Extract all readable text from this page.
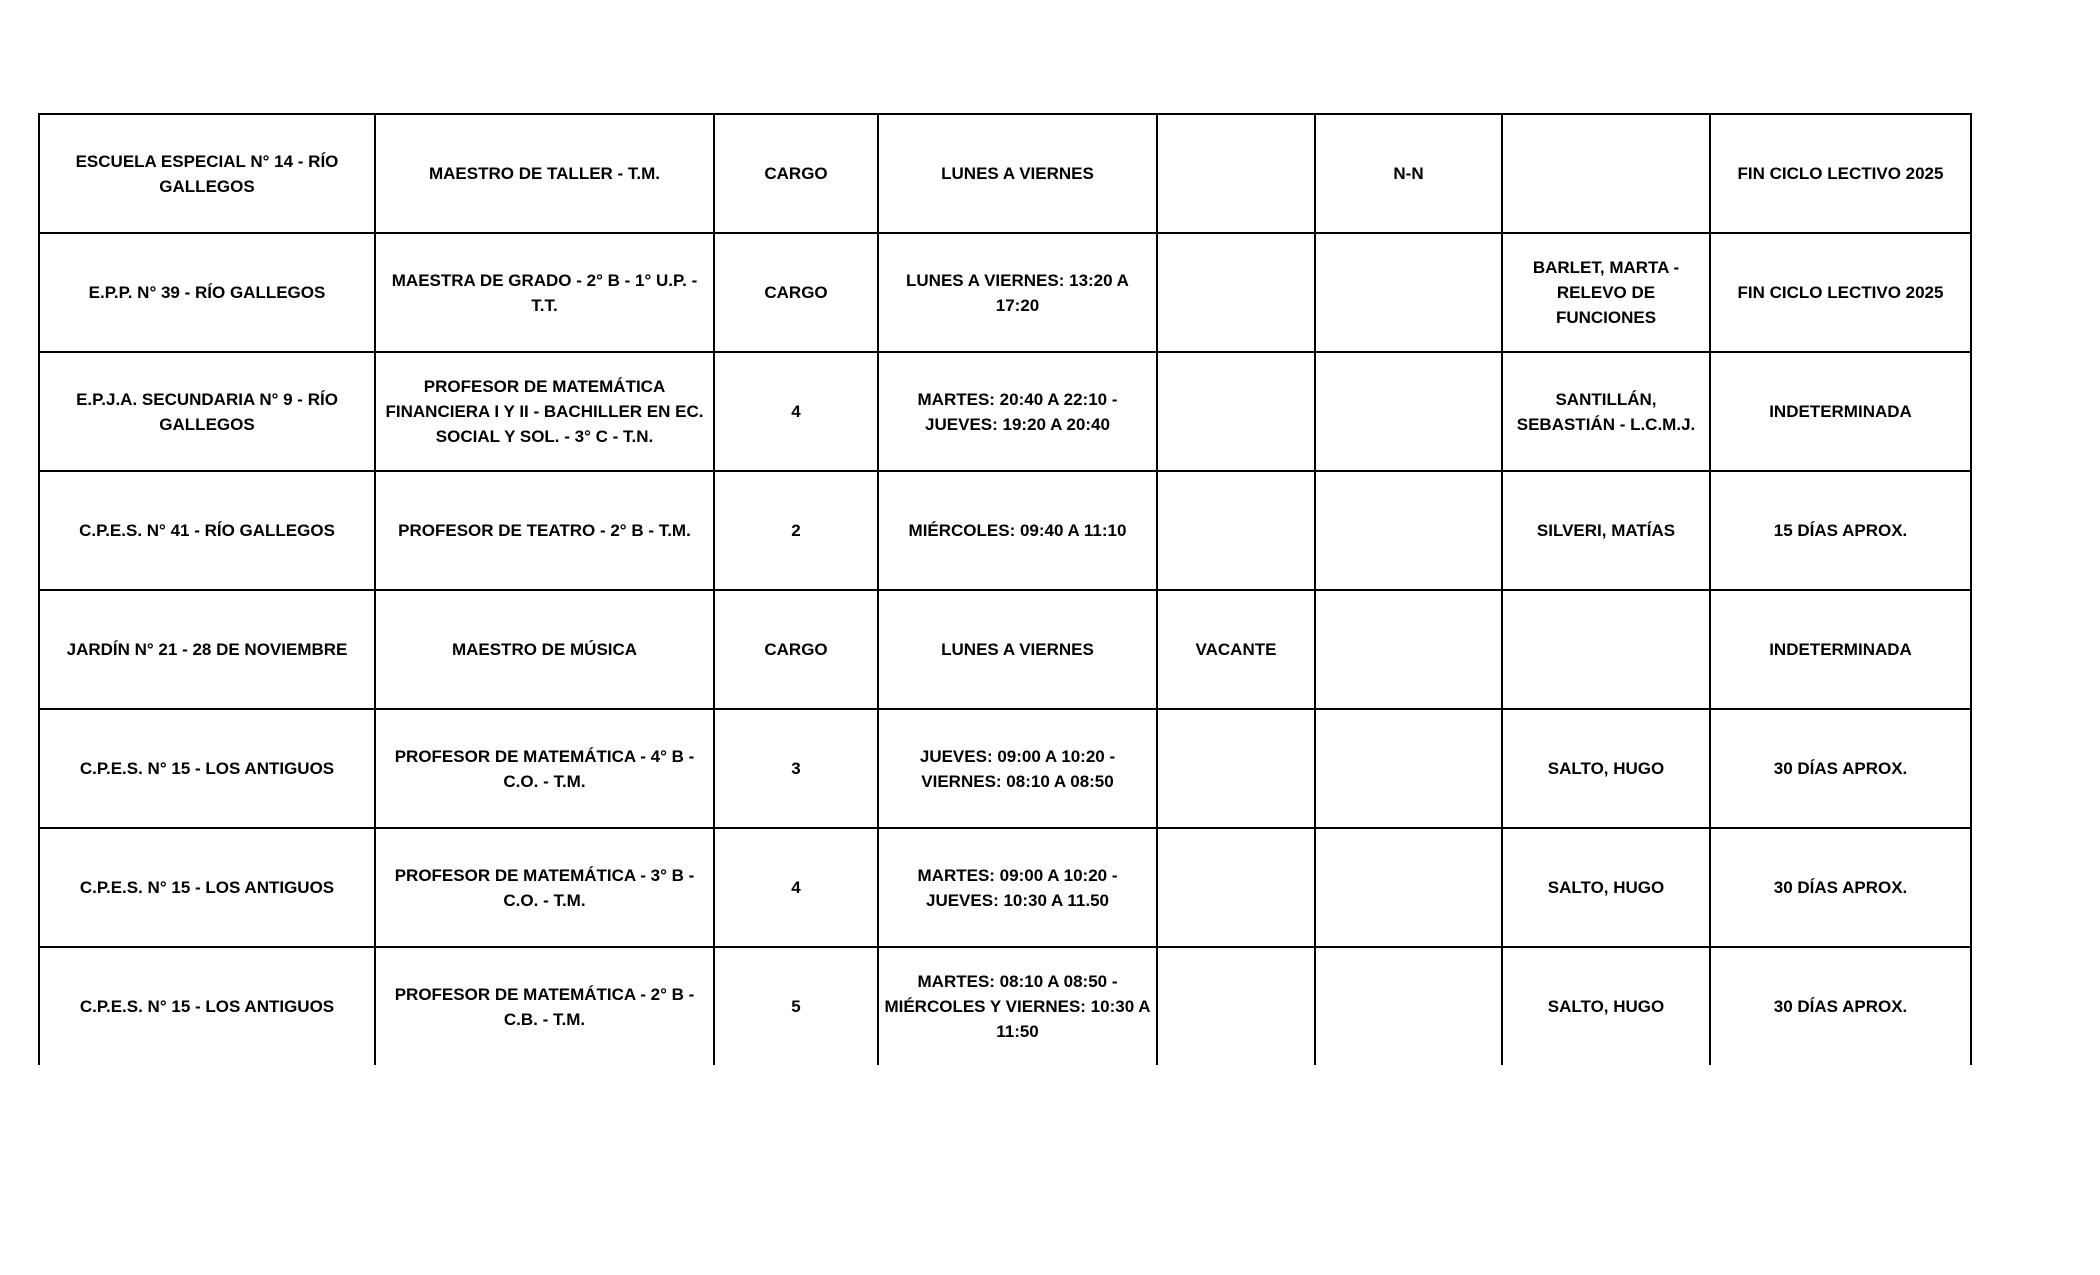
ESCUELA ESPECIAL N° 14 - RÍO GALLEGOS	MAESTRO DE TALLER - T.M.	CARGO	LUNES A VIERNES		N-N		FIN CICLO LECTIVO 2025
E.P.P. N° 39 - RÍO GALLEGOS	MAESTRA DE GRADO - 2° B - 1° U.P. - T.T.	CARGO	LUNES A VIERNES: 13:20 A 17:20			BARLET, MARTA - RELEVO DE FUNCIONES	FIN CICLO LECTIVO 2025
E.P.J.A. SECUNDARIA N° 9 - RÍO GALLEGOS	PROFESOR DE MATEMÁTICA FINANCIERA I Y II - BACHILLER EN EC. SOCIAL Y SOL. - 3° C - T.N.	4	MARTES: 20:40 A 22:10 - JUEVES: 19:20 A 20:40			SANTILLÁN, SEBASTIÁN - L.C.M.J.	INDETERMINADA
C.P.E.S. N° 41 - RÍO GALLEGOS	PROFESOR DE TEATRO - 2° B - T.M.	2	MIÉRCOLES: 09:40 A 11:10			SILVERI, MATÍAS	15 DÍAS APROX.
JARDÍN N° 21 - 28 DE NOVIEMBRE	MAESTRO DE MÚSICA	CARGO	LUNES A VIERNES	VACANTE			INDETERMINADA
C.P.E.S. N° 15 - LOS ANTIGUOS	PROFESOR DE MATEMÁTICA - 4° B - C.O. - T.M.	3	JUEVES: 09:00 A 10:20 - VIERNES: 08:10 A 08:50			SALTO, HUGO	30 DÍAS APROX.
C.P.E.S. N° 15 - LOS ANTIGUOS	PROFESOR DE MATEMÁTICA - 3° B - C.O. - T.M.	4	MARTES: 09:00 A 10:20 - JUEVES: 10:30 A 11.50			SALTO, HUGO	30 DÍAS APROX.
C.P.E.S. N° 15 - LOS ANTIGUOS	PROFESOR DE MATEMÁTICA - 2° B - C.B. - T.M.	5	MARTES: 08:10 A 08:50 - MIÉRCOLES Y VIERNES: 10:30 A 11:50			SALTO, HUGO	30 DÍAS APROX.
